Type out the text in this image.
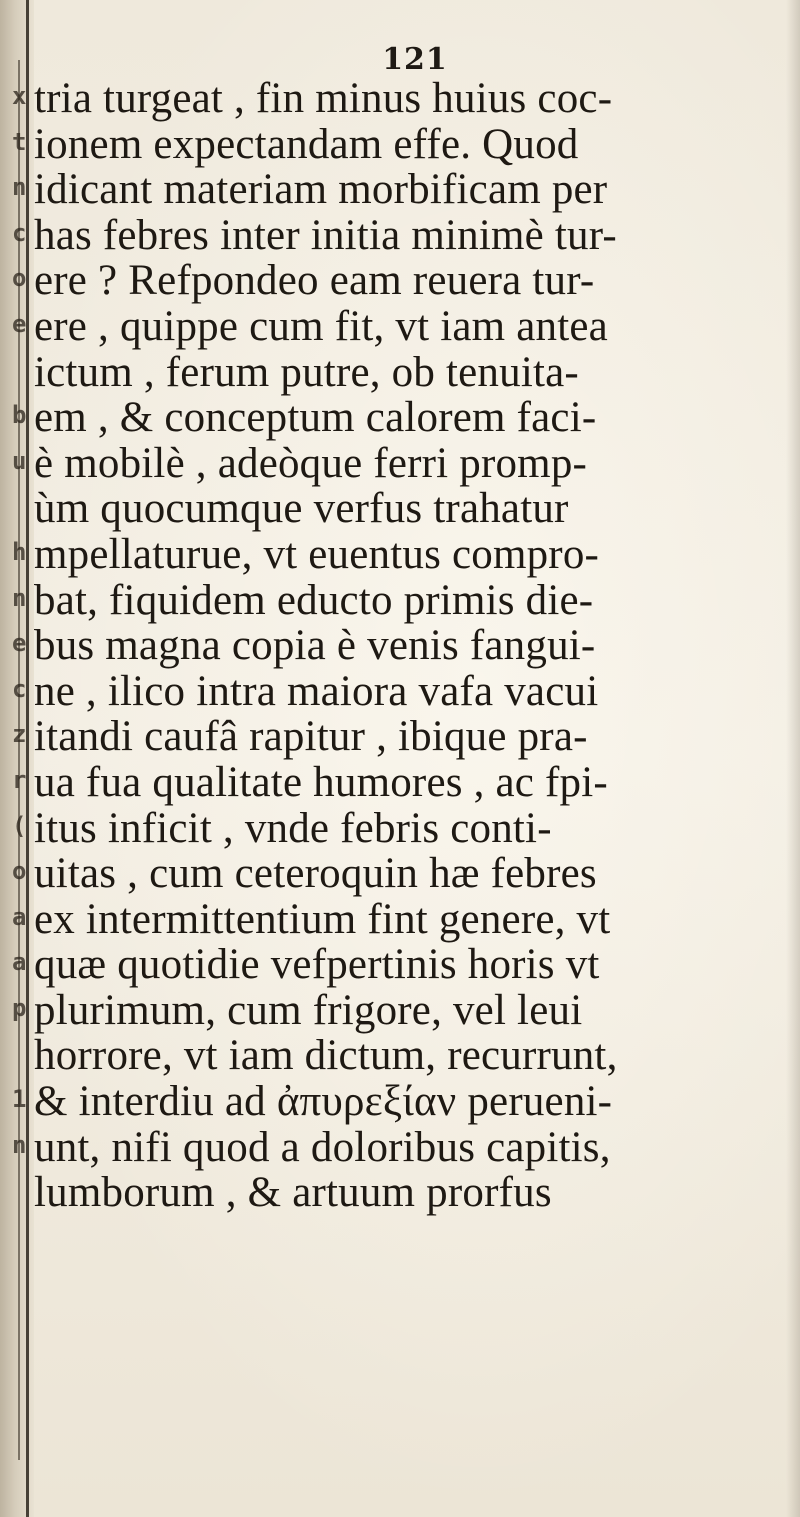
121
x tria turgeat , fin minus huius coc-
t ionem expectandam effe. Quod
n idicant materiam morbificam per
c has febres inter initia minimè tur-
o ere ? Refpondeo eam reuera tur-
e ere , quippe cum fit, vt iam antea
ictum , ferum putre, ob tenuita-
b em , & conceptum calorem faci-
u è mobilè , adeòque ferri promp-
ùm quocumque verfus trahatur
h mpellaturue, vt euentus compro-
n bat, fiquidem educto primis die-
e bus magna copia è venis fangui-
c ne , ilico intra maiora vafa vacui
z itandi caufâ rapitur , ibique pra-
r ua fua qualitate humores , ac fpi-
( itus inficit , vnde febris conti-
o uitas , cum ceteroquin hæ febres
a ex intermittentium fint genere, vt
a quæ quotidie vefpertinis horis vt
p plurimum, cum frigore, vel leui
horrore, vt iam dictum, recurrunt,
1 & interdiu ad ἀπυρεξίαν perueni-
n unt, nifi quod a doloribus capitis,
lumborum , & artuum prorfus
